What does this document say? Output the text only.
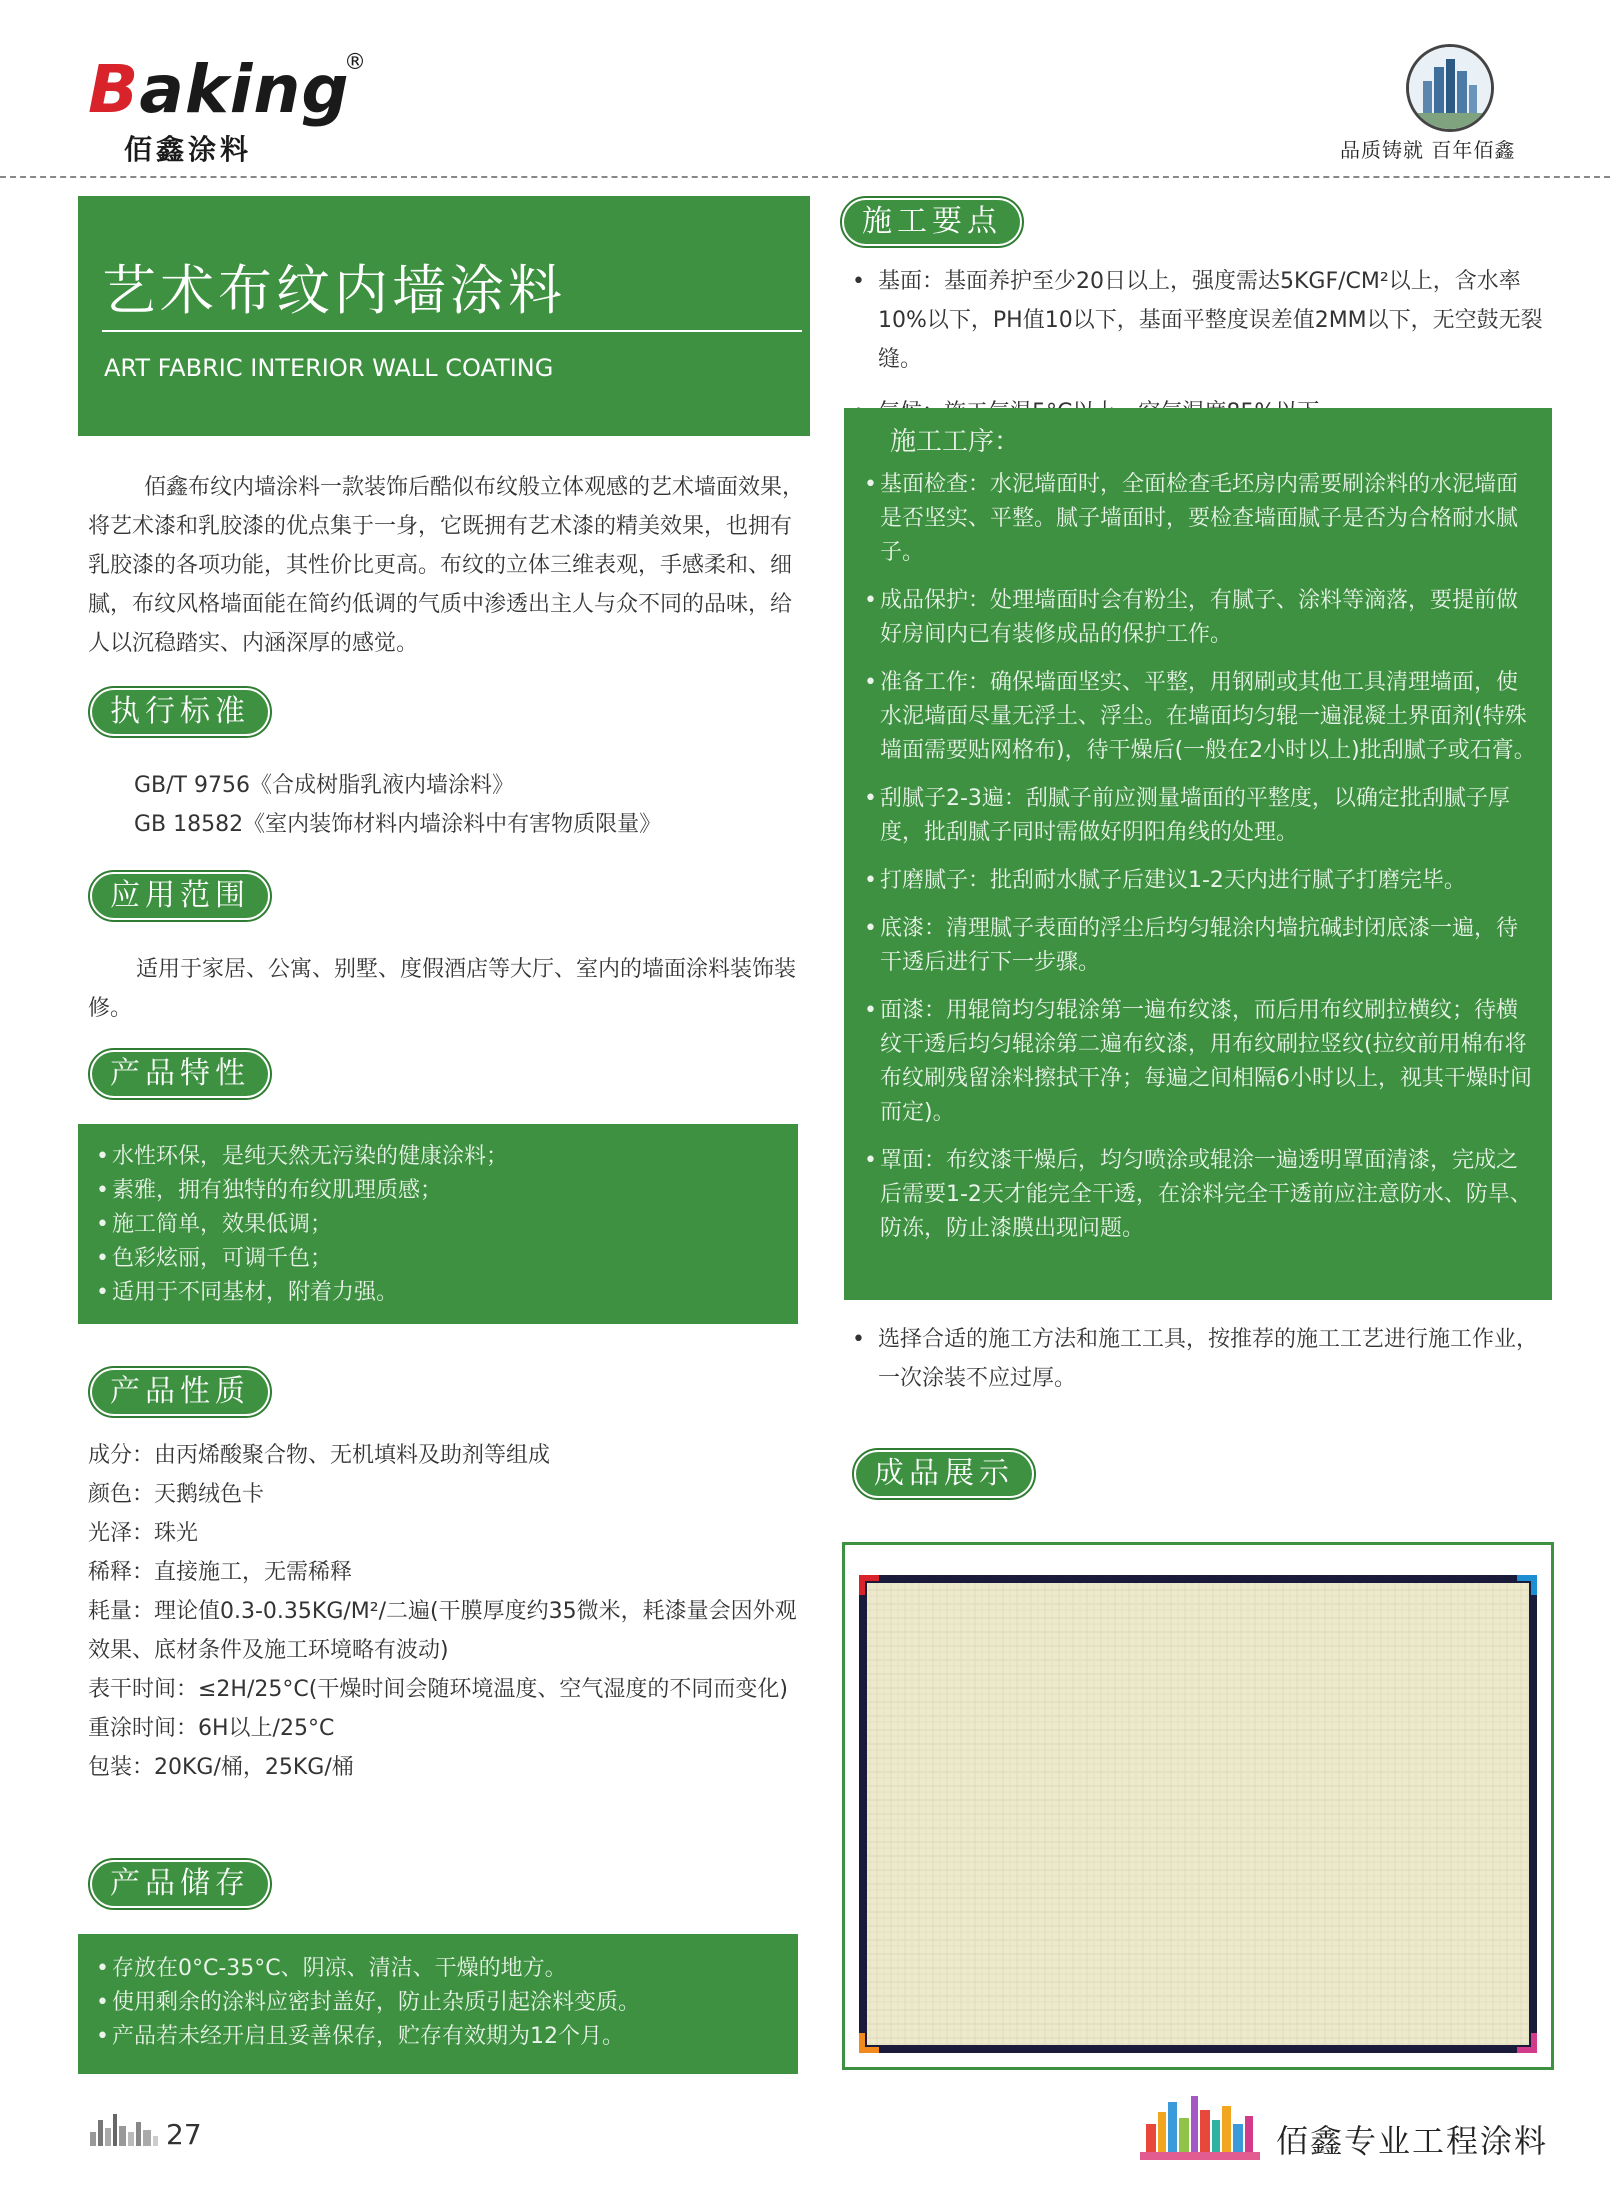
Baking
®
佰鑫涂料	品质铸就 百年佰鑫
艺术布纹内墙涂料
ART FABRIC INTERIOR WALL COATING
佰鑫布纹内墙涂料一款装饰后酷似布纹般立体观感的艺术墙面效果，将艺术漆和乳胶漆的优点集于一身，它既拥有艺术漆的精美效果，也拥有乳胶漆的各项功能，其性价比更高。布纹的立体三维表观，手感柔和、细腻，布纹风格墙面能在简约低调的气质中渗透出主人与众不同的品味，给人以沉稳踏实、内涵深厚的感觉。
执行标准
GB/T 9756《合成树脂乳液内墙涂料》
GB 18582《室内装饰材料内墙涂料中有害物质限量》
应用范围
适用于家居、公寓、别墅、度假酒店等大厅、室内的墙面涂料装饰装修。
产品特性
• 水性环保，是纯天然无污染的健康涂料；
• 素雅，拥有独特的布纹肌理质感；
• 施工简单，效果低调；
• 色彩炫丽，可调千色；
• 适用于不同基材，附着力强。
产品性质
成分：由丙烯酸聚合物、无机填料及助剂等组成
颜色：天鹅绒色卡
光泽：珠光
稀释：直接施工，无需稀释
耗量：理论值0.3-0.35KG/M²/二遍(干膜厚度约35微米，耗漆量会因外观效果、底材条件及施工环境略有波动)
表干时间：≤2H/25°C(干燥时间会随环境温度、空气湿度的不同而变化)
重涂时间：6H以上/25°C
包装：20KG/桶，25KG/桶
产品储存
• 存放在0°C-35°C、阴凉、清洁、干燥的地方。
• 使用剩余的涂料应密封盖好，防止杂质引起涂料变质。
• 产品若未经开启且妥善保存，贮存有效期为12个月。
施工要点
• 基面：基面养护至少20日以上，强度需达5KGF/CM²以上，含水率10%以下，PH值10以下，基面平整度误差值2MM以下，无空鼓无裂缝。
•
施工工序：
• 基面检查：水泥墙面时，全面检查毛坯房内需要刷涂料的水泥墙面是否坚实、平整。腻子墙面时，要检查墙面腻子是否为合格耐水腻子。
• 成品保护：处理墙面时会有粉尘，有腻子、涂料等滴落，要提前做好房间内已有装修成品的保护工作。
• 准备工作：确保墙面坚实、平整，用钢刷或其他工具清理墙面，使水泥墙面尽量无浮土、浮尘。在墙面均匀辊一遍混凝土界面剂(特殊墙面需要贴网格布)，待干燥后(一般在2小时以上)批刮腻子或石膏。
• 刮腻子2-3遍：刮腻子前应测量墙面的平整度，以确定批刮腻子厚度，批刮腻子同时需做好阴阳角线的处理。
• 打磨腻子：批刮耐水腻子后建议1-2天内进行腻子打磨完毕。
• 底漆：清理腻子表面的浮尘后均匀辊涂内墙抗碱封闭底漆一遍，待干透后进行下一步骤。
• 面漆：用辊筒均匀辊涂第一遍布纹漆，而后用布纹刷拉横纹；待横纹干透后均匀辊涂第二遍布纹漆，用布纹刷拉竖纹(拉纹前用棉布将布纹刷残留涂料擦拭干净；每遍之间相隔6小时以上，视其干燥时间而定)。
• 罩面：布纹漆干燥后，均匀喷涂或辊涂一遍透明罩面清漆，完成之后需要1-2天才能完全干透，在涂料完全干透前应注意防水、防旱、防冻，防止漆膜出现问题。
• 选择合适的施工方法和施工工具，按推荐的施工工艺进行施工作业，一次涂装不应过厚。
成品展示
27	佰鑫专业工程涂料
